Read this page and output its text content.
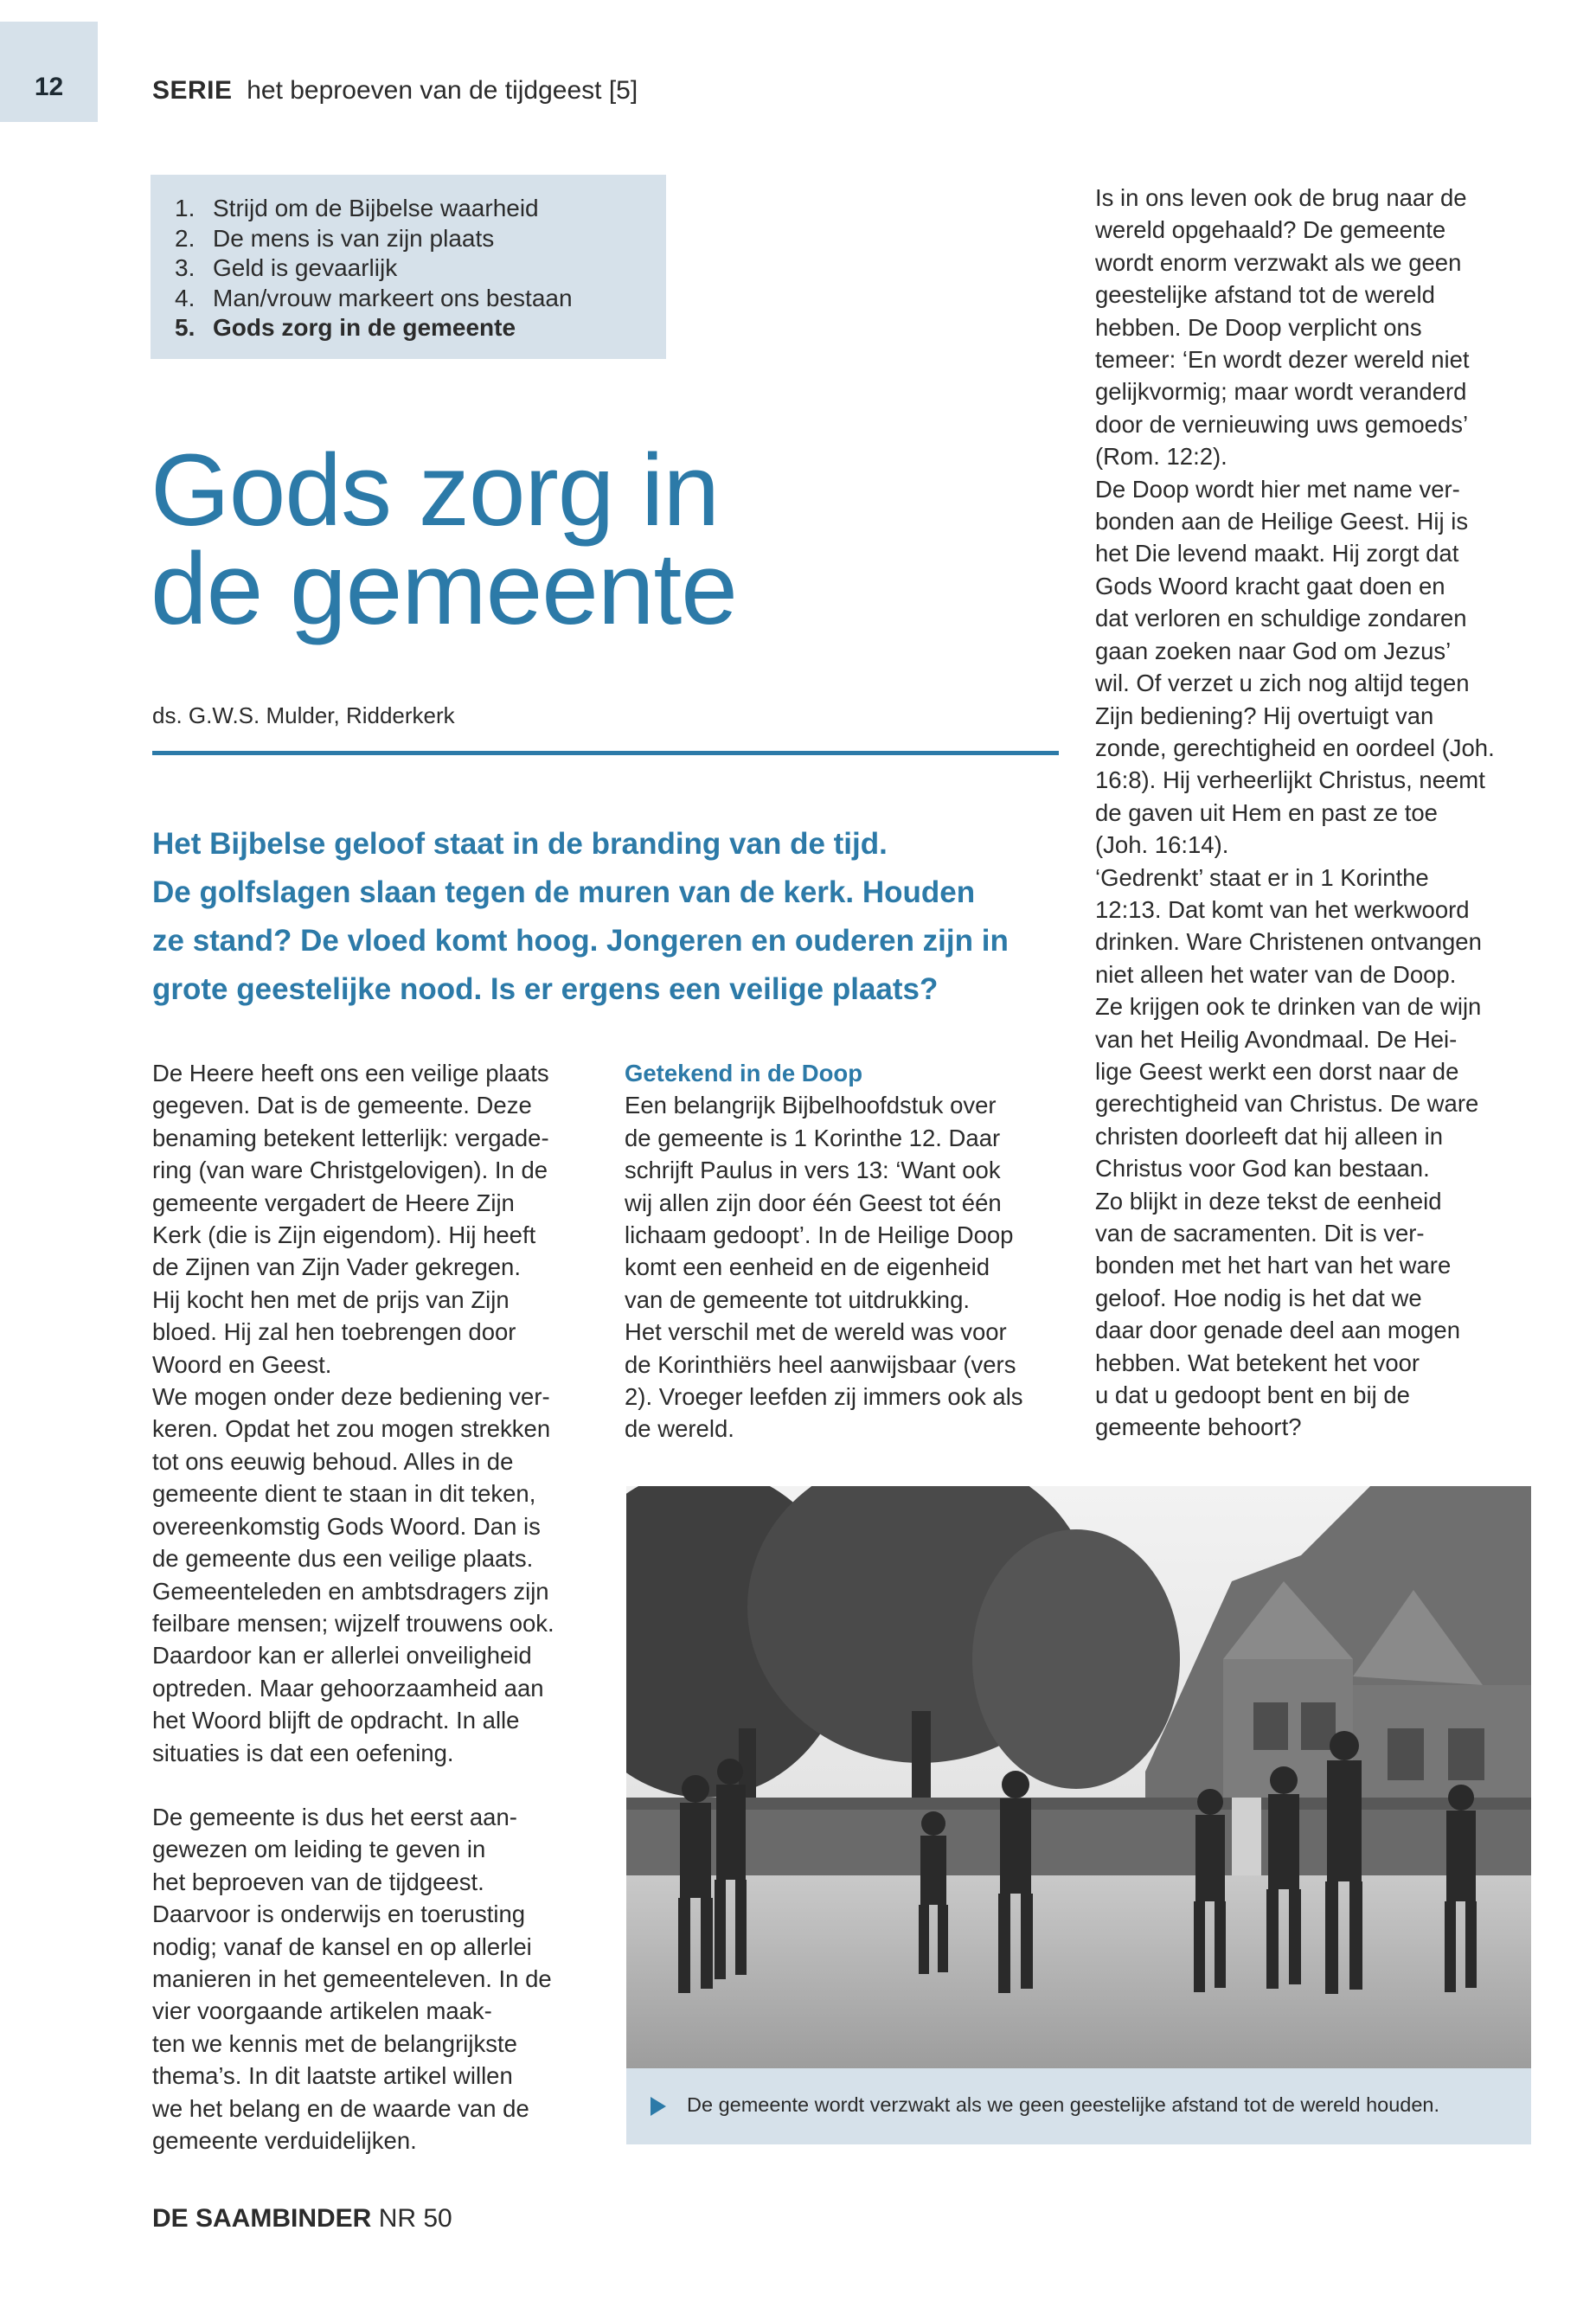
12	SERIE het beproeven van de tijdgeest [5]
1. Strijd om de Bijbelse waarheid
2. De mens is van zijn plaats
3. Geld is gevaarlijk
4. Man/vrouw markeert ons bestaan
5. Gods zorg in de gemeente
Gods zorg in
de gemeente
ds. G.W.S. Mulder, Ridderkerk
Het Bijbelse geloof staat in de branding van de tijd.
De golfslagen slaan tegen de muren van de kerk. Houden
ze stand? De vloed komt hoog. Jongeren en ouderen zijn in
grote geestelijke nood. Is er ergens een veilige plaats?
De Heere heeft ons een veilige plaats
gegeven. Dat is de gemeente. Deze
benaming betekent letterlijk: vergade-
ring (van ware Christgelovigen). In de
gemeente vergadert de Heere Zijn
Kerk (die is Zijn eigendom). Hij heeft
de Zijnen van Zijn Vader gekregen.
Hij kocht hen met de prijs van Zijn
bloed. Hij zal hen toebrengen door
Woord en Geest.
We mogen onder deze bediening ver-
keren. Opdat het zou mogen strekken
tot ons eeuwig behoud. Alles in de
gemeente dient te staan in dit teken,
overeenkomstig Gods Woord. Dan is
de gemeente dus een veilige plaats.
Gemeenteleden en ambtsdragers zijn
feilbare mensen; wijzelf trouwens ook.
Daardoor kan er allerlei onveiligheid
optreden. Maar gehoorzaamheid aan
het Woord blijft de opdracht. In alle
situaties is dat een oefening.
De gemeente is dus het eerst aan-
gewezen om leiding te geven in
het beproeven van de tijdgeest.
Daarvoor is onderwijs en toerusting
nodig; vanaf de kansel en op allerlei
manieren in het gemeenteleven. In de
vier voorgaande artikelen maak-
ten we kennis met de belangrijkste
thema’s. In dit laatste artikel willen
we het belang en de waarde van de
gemeente verduidelijken.
Getekend in de Doop
Een belangrijk Bijbelhoofdstuk over
de gemeente is 1 Korinthe 12. Daar
schrijft Paulus in vers 13: ‘Want ook
wij allen zijn door één Geest tot één
lichaam gedoopt’. In de Heilige Doop
komt een eenheid en de eigenheid
van de gemeente tot uitdrukking.
Het verschil met de wereld was voor
de Korinthiërs heel aanwijsbaar (vers
2). Vroeger leefden zij immers ook als
de wereld.
Is in ons leven ook de brug naar de
wereld opgehaald? De gemeente
wordt enorm verzwakt als we geen
geestelijke afstand tot de wereld
hebben. De Doop verplicht ons
temeer: ‘En wordt dezer wereld niet
gelijkvormig; maar wordt veranderd
door de vernieuwing uws gemoeds’
(Rom. 12:2).
De Doop wordt hier met name ver-
bonden aan de Heilige Geest. Hij is
het Die levend maakt. Hij zorgt dat
Gods Woord kracht gaat doen en
dat verloren en schuldige zondaren
gaan zoeken naar God om Jezus’
wil. Of verzet u zich nog altijd tegen
Zijn bediening? Hij overtuigt van
zonde, gerechtigheid en oordeel (Joh.
16:8). Hij verheerlijkt Christus, neemt
de gaven uit Hem en past ze toe
(Joh. 16:14).
‘Gedrenkt’ staat er in 1 Korinthe
12:13. Dat komt van het werkwoord
drinken. Ware Christenen ontvangen
niet alleen het water van de Doop.
Ze krijgen ook te drinken van de wijn
van het Heilig Avondmaal. De Hei-
lige Geest werkt een dorst naar de
gerechtigheid van Christus. De ware
christen doorleeft dat hij alleen in
Christus voor God kan bestaan.
Zo blijkt in deze tekst de eenheid
van de sacramenten. Dit is ver-
bonden met het hart van het ware
geloof. Hoe nodig is het dat we
daar door genade deel aan mogen
hebben. Wat betekent het voor
u dat u gedoopt bent en bij de
gemeente behoort?
De gemeente wordt verzwakt als we geen geestelijke afstand tot de wereld houden.
DE SAAMBINDER NR 50
